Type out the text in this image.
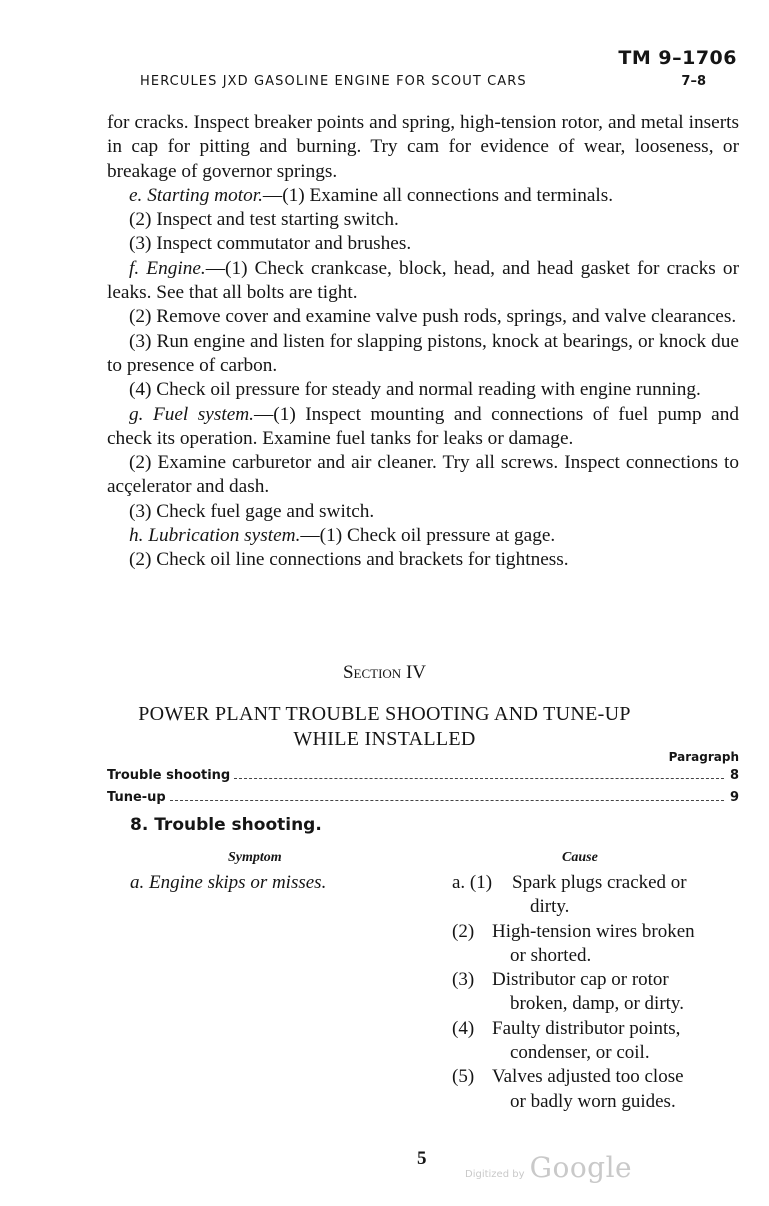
TM 9–1706
HERCULES JXD GASOLINE ENGINE FOR SCOUT CARS	7–8

for cracks. Inspect breaker points and spring, high-tension rotor, and metal inserts in cap for pitting and burning. Try cam for evidence of wear, looseness, or breakage of governor springs.

e. Starting motor.—(1) Examine all connections and terminals.

(2) Inspect and test starting switch.

(3) Inspect commutator and brushes.

f. Engine.—(1) Check crankcase, block, head, and head gasket for cracks or leaks. See that all bolts are tight.

(2) Remove cover and examine valve push rods, springs, and valve clearances.

(3) Run engine and listen for slapping pistons, knock at bearings, or knock due to presence of carbon.

(4) Check oil pressure for steady and normal reading with engine running.

g. Fuel system.—(1) Inspect mounting and connections of fuel pump and check its operation. Examine fuel tanks for leaks or damage.

(2) Examine carburetor and air cleaner. Try all screws. Inspect connections to acçelerator and dash.

(3) Check fuel gage and switch.

h. Lubrication system.—(1) Check oil pressure at gage.

(2) Check oil line connections and brackets for tightness.

Section IV
POWER PLANT TROUBLE SHOOTING AND TUNE-UP
WHILE INSTALLED
Paragraph
Trouble shooting	8
Tune-up	9
8. Trouble shooting.
Symptom	Cause
a. Engine skips or misses.	a. (1)	Spark plugs cracked or
dirty.
(2) High-tension wires broken
or shorted.
(3) Distributor cap or rotor
broken, damp, or dirty.
(4) Faulty distributor points,
condenser, or coil.
(5) Valves adjusted too close
or badly worn guides.
5
Digitized by Google
